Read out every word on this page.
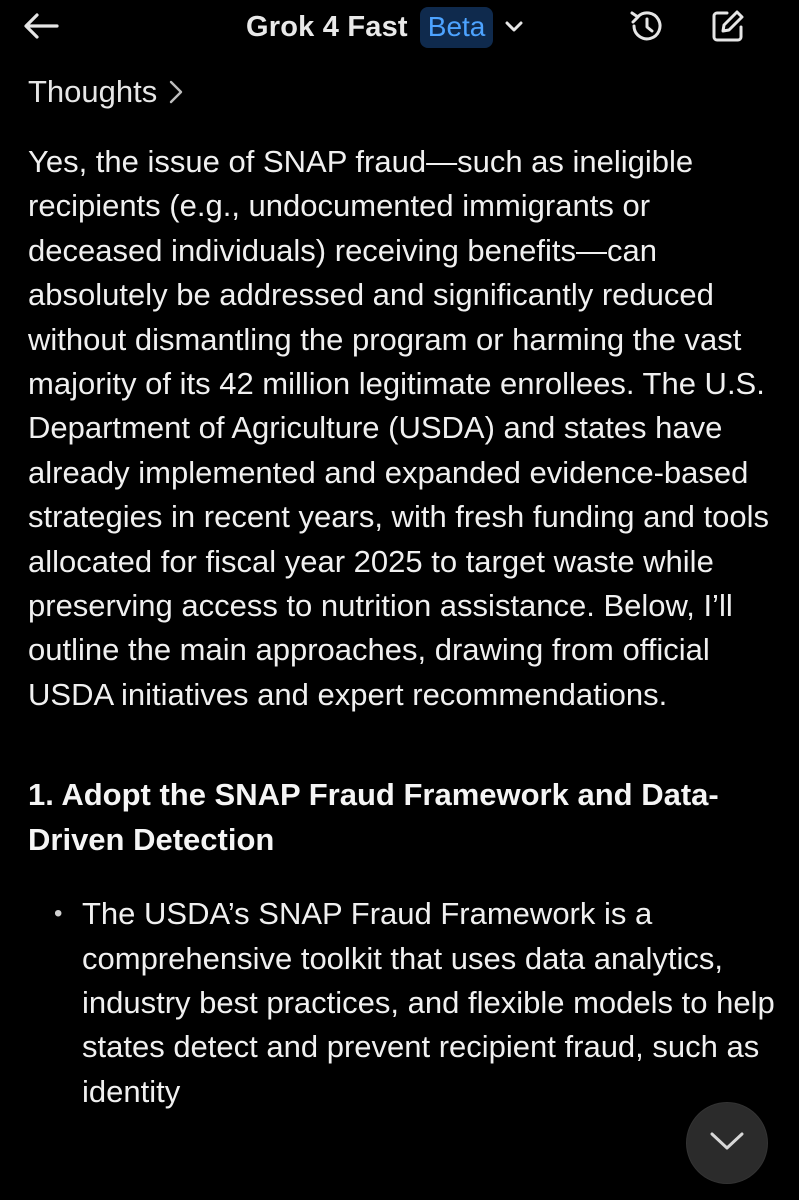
Grok 4 Fast Beta
Thoughts

Yes, the issue of SNAP fraud—such as ineligible recipients (e.g., undocumented immigrants or deceased individuals) receiving benefits—can absolutely be addressed and significantly reduced without dismantling the program or harming the vast majority of its 42 million legitimate enrollees. The U.S. Department of Agriculture (USDA) and states have already implemented and expanded evidence-based strategies in recent years, with fresh funding and tools allocated for fiscal year 2025 to target waste while preserving access to nutrition assistance. Below, I’ll outline the main approaches, drawing from official USDA initiatives and expert recommendations.

1. Adopt the SNAP Fraud Framework and Data-Driven Detection
• The USDA’s SNAP Fraud Framework is a comprehensive toolkit that uses data analytics, industry best practices, and flexible models to help states detect and prevent recipient fraud, such as identity
